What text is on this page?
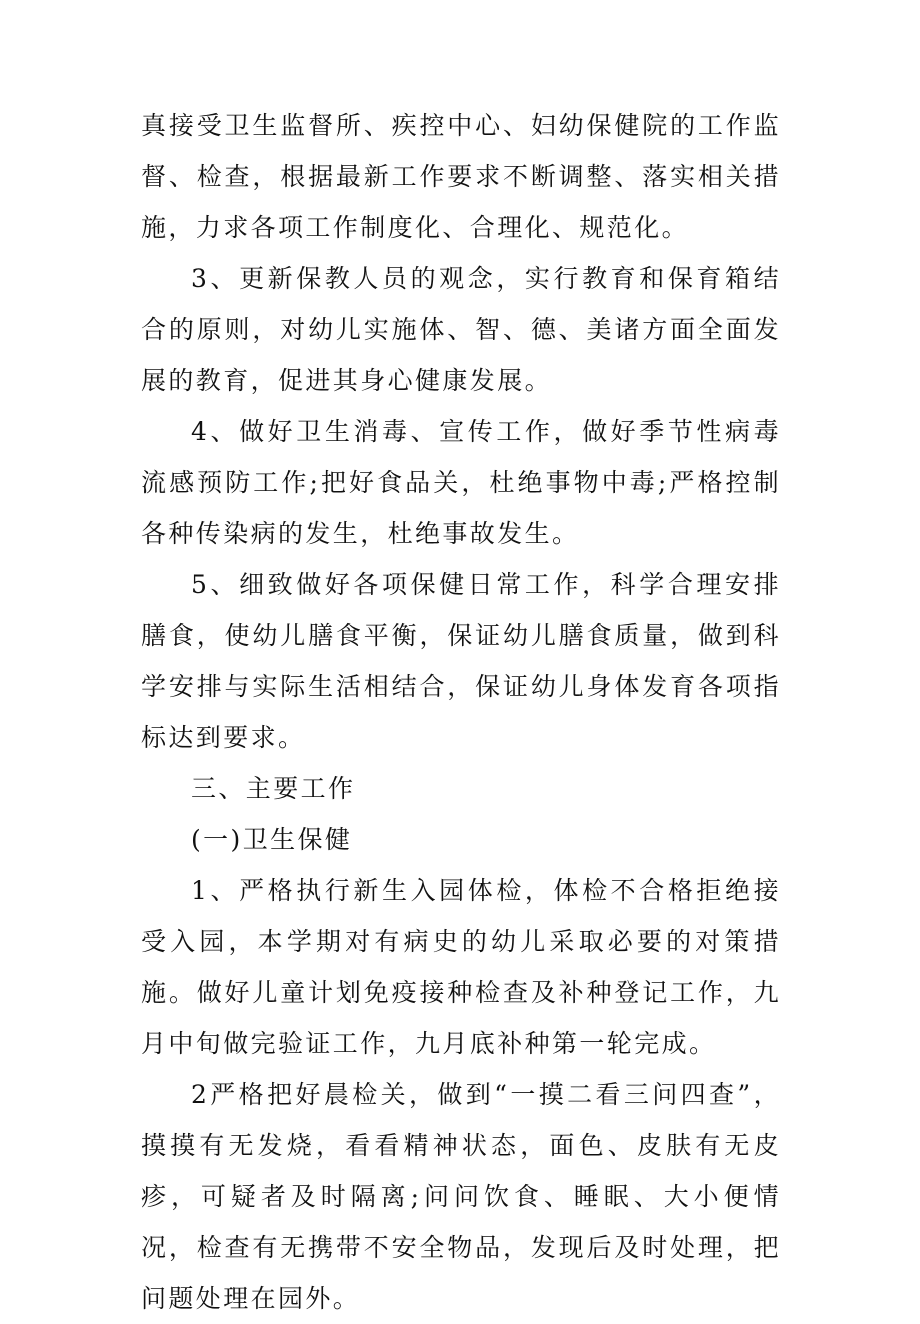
真接受卫生监督所、疾控中心、妇幼保健院的工作监督、检查，根据最新工作要求不断调整、落实相关措施，力求各项工作制度化、合理化、规范化。

3、更新保教人员的观念，实行教育和保育箱结合的原则，对幼儿实施体、智、德、美诸方面全面发展的教育，促进其身心健康发展。

4、做好卫生消毒、宣传工作，做好季节性病毒流感预防工作;把好食品关，杜绝事物中毒;严格控制各种传染病的发生，杜绝事故发生。

5、细致做好各项保健日常工作，科学合理安排膳食，使幼儿膳食平衡，保证幼儿膳食质量，做到科学安排与实际生活相结合，保证幼儿身体发育各项指标达到要求。

三、主要工作

(一)卫生保健

1、严格执行新生入园体检，体检不合格拒绝接受入园，本学期对有病史的幼儿采取必要的对策措施。做好儿童计划免疫接种检查及补种登记工作，九月中旬做完验证工作，九月底补种第一轮完成。

2严格把好晨检关，做到“一摸二看三问四查”，摸摸有无发烧，看看精神状态，面色、皮肤有无皮疹，可疑者及时隔离;问问饮食、睡眠、大小便情况，检查有无携带不安全物品，发现后及时处理，把问题处理在园外。
